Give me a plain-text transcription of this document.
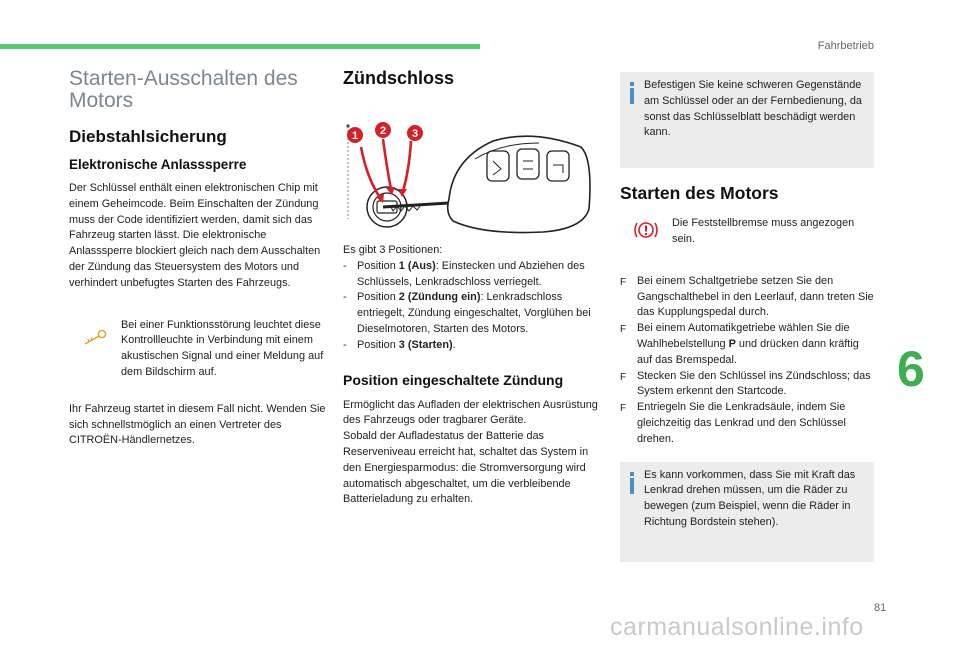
Fahrbetrieb
Starten-Ausschalten des Motors
Diebstahlsicherung
Elektronische Anlasssperre

Der Schlüssel enthält einen elektronischen Chip mit einem Geheimcode. Beim Einschalten der Zündung muss der Code identifiziert werden, damit sich das Fahrzeug starten lässt. Die elektronische Anlasssperre blockiert gleich nach dem Ausschalten der Zündung das Steuersystem des Motors und verhindert unbefugtes Starten des Fahrzeugs.

Bei einer Funktionsstörung leuchtet diese Kontrollleuchte in Verbindung mit einem akustischen Signal und einer Meldung auf dem Bildschirm auf.

Ihr Fahrzeug startet in diesem Fall nicht. Wenden Sie sich schnellstmöglich an einen Vertreter des CITROËN-Händlernetzes.

Zündschloss
1 2 3

Es gibt 3 Positionen:

- Position 1 (Aus): Einstecken und Abziehen des Schlüssels, Lenkradschloss verriegelt.
- Position 2 (Zündung ein): Lenkradschloss entriegelt, Zündung eingeschaltet, Vorglühen bei Dieselmotoren, Starten des Motors.
- Position 3 (Starten).
Position eingeschaltete Zündung

Ermöglicht das Aufladen der elektrischen Ausrüstung des Fahrzeugs oder tragbarer Geräte.

Sobald der Aufladestatus der Batterie das Reserveniveau erreicht hat, schaltet das System in den Energiesparmodus: die Stromversorgung wird automatisch abgeschaltet, um die verbleibende Batterieladung zu erhalten.

Befestigen Sie keine schweren Gegenstände am Schlüssel oder an der Fernbedienung, da sonst das Schlüsselblatt beschädigt werden kann.

Starten des Motors

Die Feststellbremse muss angezogen sein.

F Bei einem Schaltgetriebe setzen Sie den Gangschalthebel in den Leerlauf, dann treten Sie das Kupplungspedal durch.
F Bei einem Automatikgetriebe wählen Sie die Wahlhebelstellung P und drücken dann kräftig auf das Bremspedal.
F Stecken Sie den Schlüssel ins Zündschloss; das System erkennt den Startcode.
F Entriegeln Sie die Lenkradsäule, indem Sie gleichzeitig das Lenkrad und den Schlüssel drehen.

Es kann vorkommen, dass Sie mit Kraft das Lenkrad drehen müssen, um die Räder zu bewegen (zum Beispiel, wenn die Räder in Richtung Bordstein stehen).

6
81
carmanualsonline.info
